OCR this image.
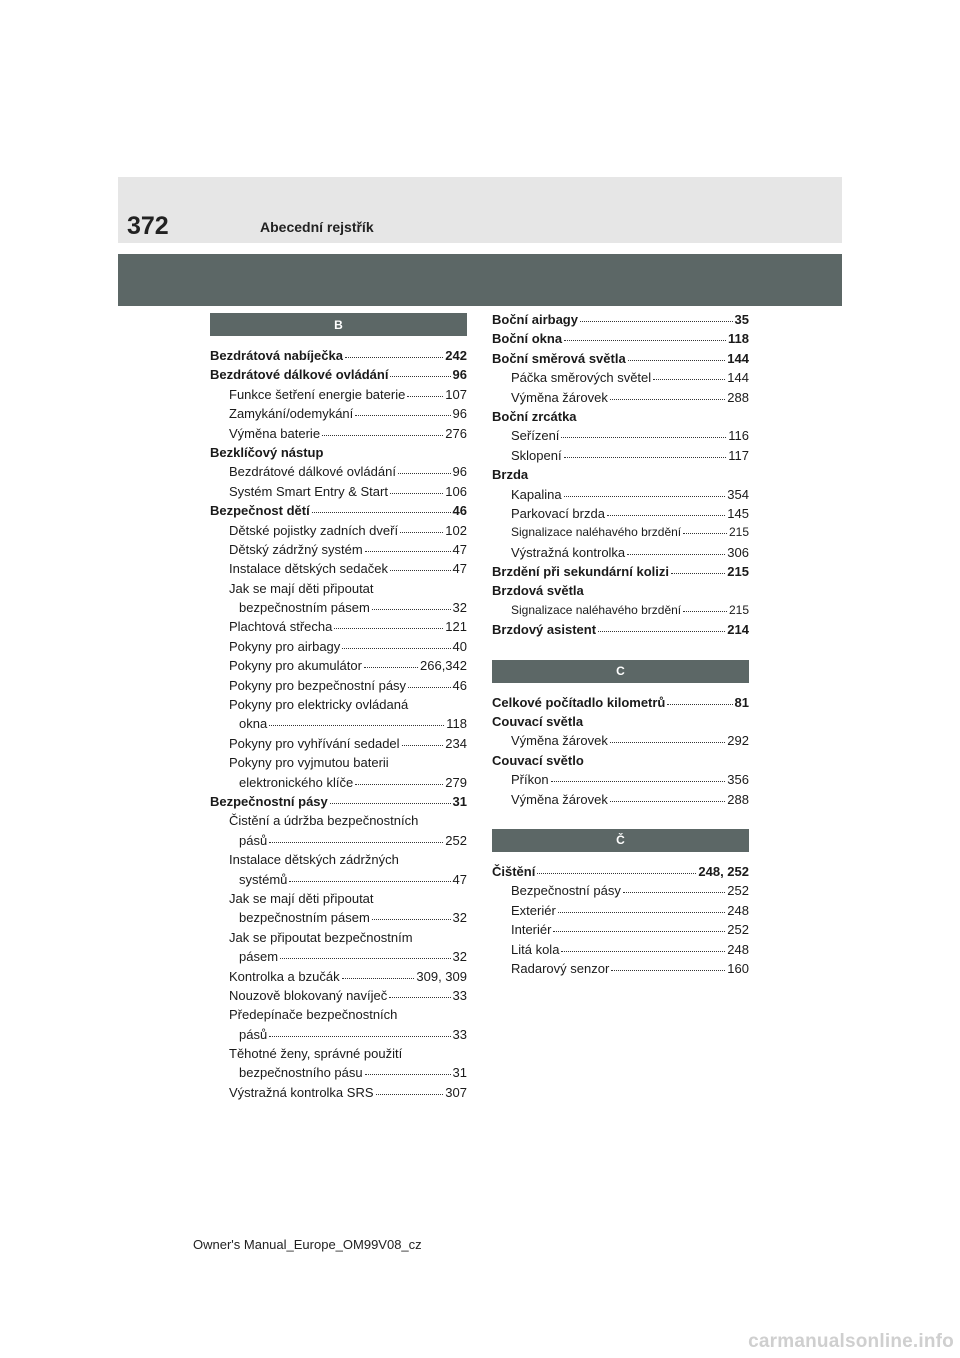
372	Abecední rejstřík
B
Bezdrátová nabíječka	242
Bezdrátové dálkové ovládání	96
Funkce šetření energie baterie	107
Zamykání/odemykání	96
Výměna baterie	276
Bezklíčový nástup
Bezdrátové dálkové ovládání	96
Systém Smart Entry & Start	106
Bezpečnost dětí	46
Dětské pojistky zadních dveří	102
Dětský zádržný systém	47
Instalace dětských sedaček	47
Jak se mají děti připoutat
bezpečnostním pásem	32
Plachtová střecha	121
Pokyny pro airbagy	40
Pokyny pro akumulátor	266,342
Pokyny pro bezpečnostní pásy	46
Pokyny pro elektricky ovládaná
okna	118
Pokyny pro vyhřívání sedadel	234
Pokyny pro vyjmutou baterii
elektronického klíče	279
Bezpečnostní pásy	31
Čistění a údržba bezpečnostních
pásů	252
Instalace dětských zádržných
systémů	47
Jak se mají děti připoutat
bezpečnostním pásem	32
Jak se připoutat bezpečnostním
pásem	32
Kontrolka a bzučák	309, 309
Nouzově blokovaný navíječ	33
Předepínače bezpečnostních
pásů	33
Těhotné ženy, správné použití
bezpečnostního pásu	31
Výstražná kontrolka SRS	307
Boční airbagy	35
Boční okna	118
Boční směrová světla	144
Páčka směrových světel	144
Výměna žárovek	288
Boční zrcátka
Seřízení	116
Sklopení	117
Brzda
Kapalina	354
Parkovací brzda	145
Signalizace naléhavého brzdění	215
Výstražná kontrolka	306
Brzdění při sekundární kolizi	215
Brzdová světla
Signalizace naléhavého brzdění	215
Brzdový asistent	214
C
Celkové počítadlo kilometrů	81
Couvací světla
Výměna žárovek	292
Couvací světlo
Příkon	356
Výměna žárovek	288
Č
Čištění	248, 252
Bezpečnostní pásy	252
Exteriér	248
Interiér	252
Litá kola	248
Radarový senzor	160
Owner's Manual_Europe_OM99V08_cz
carmanualsonline.info
